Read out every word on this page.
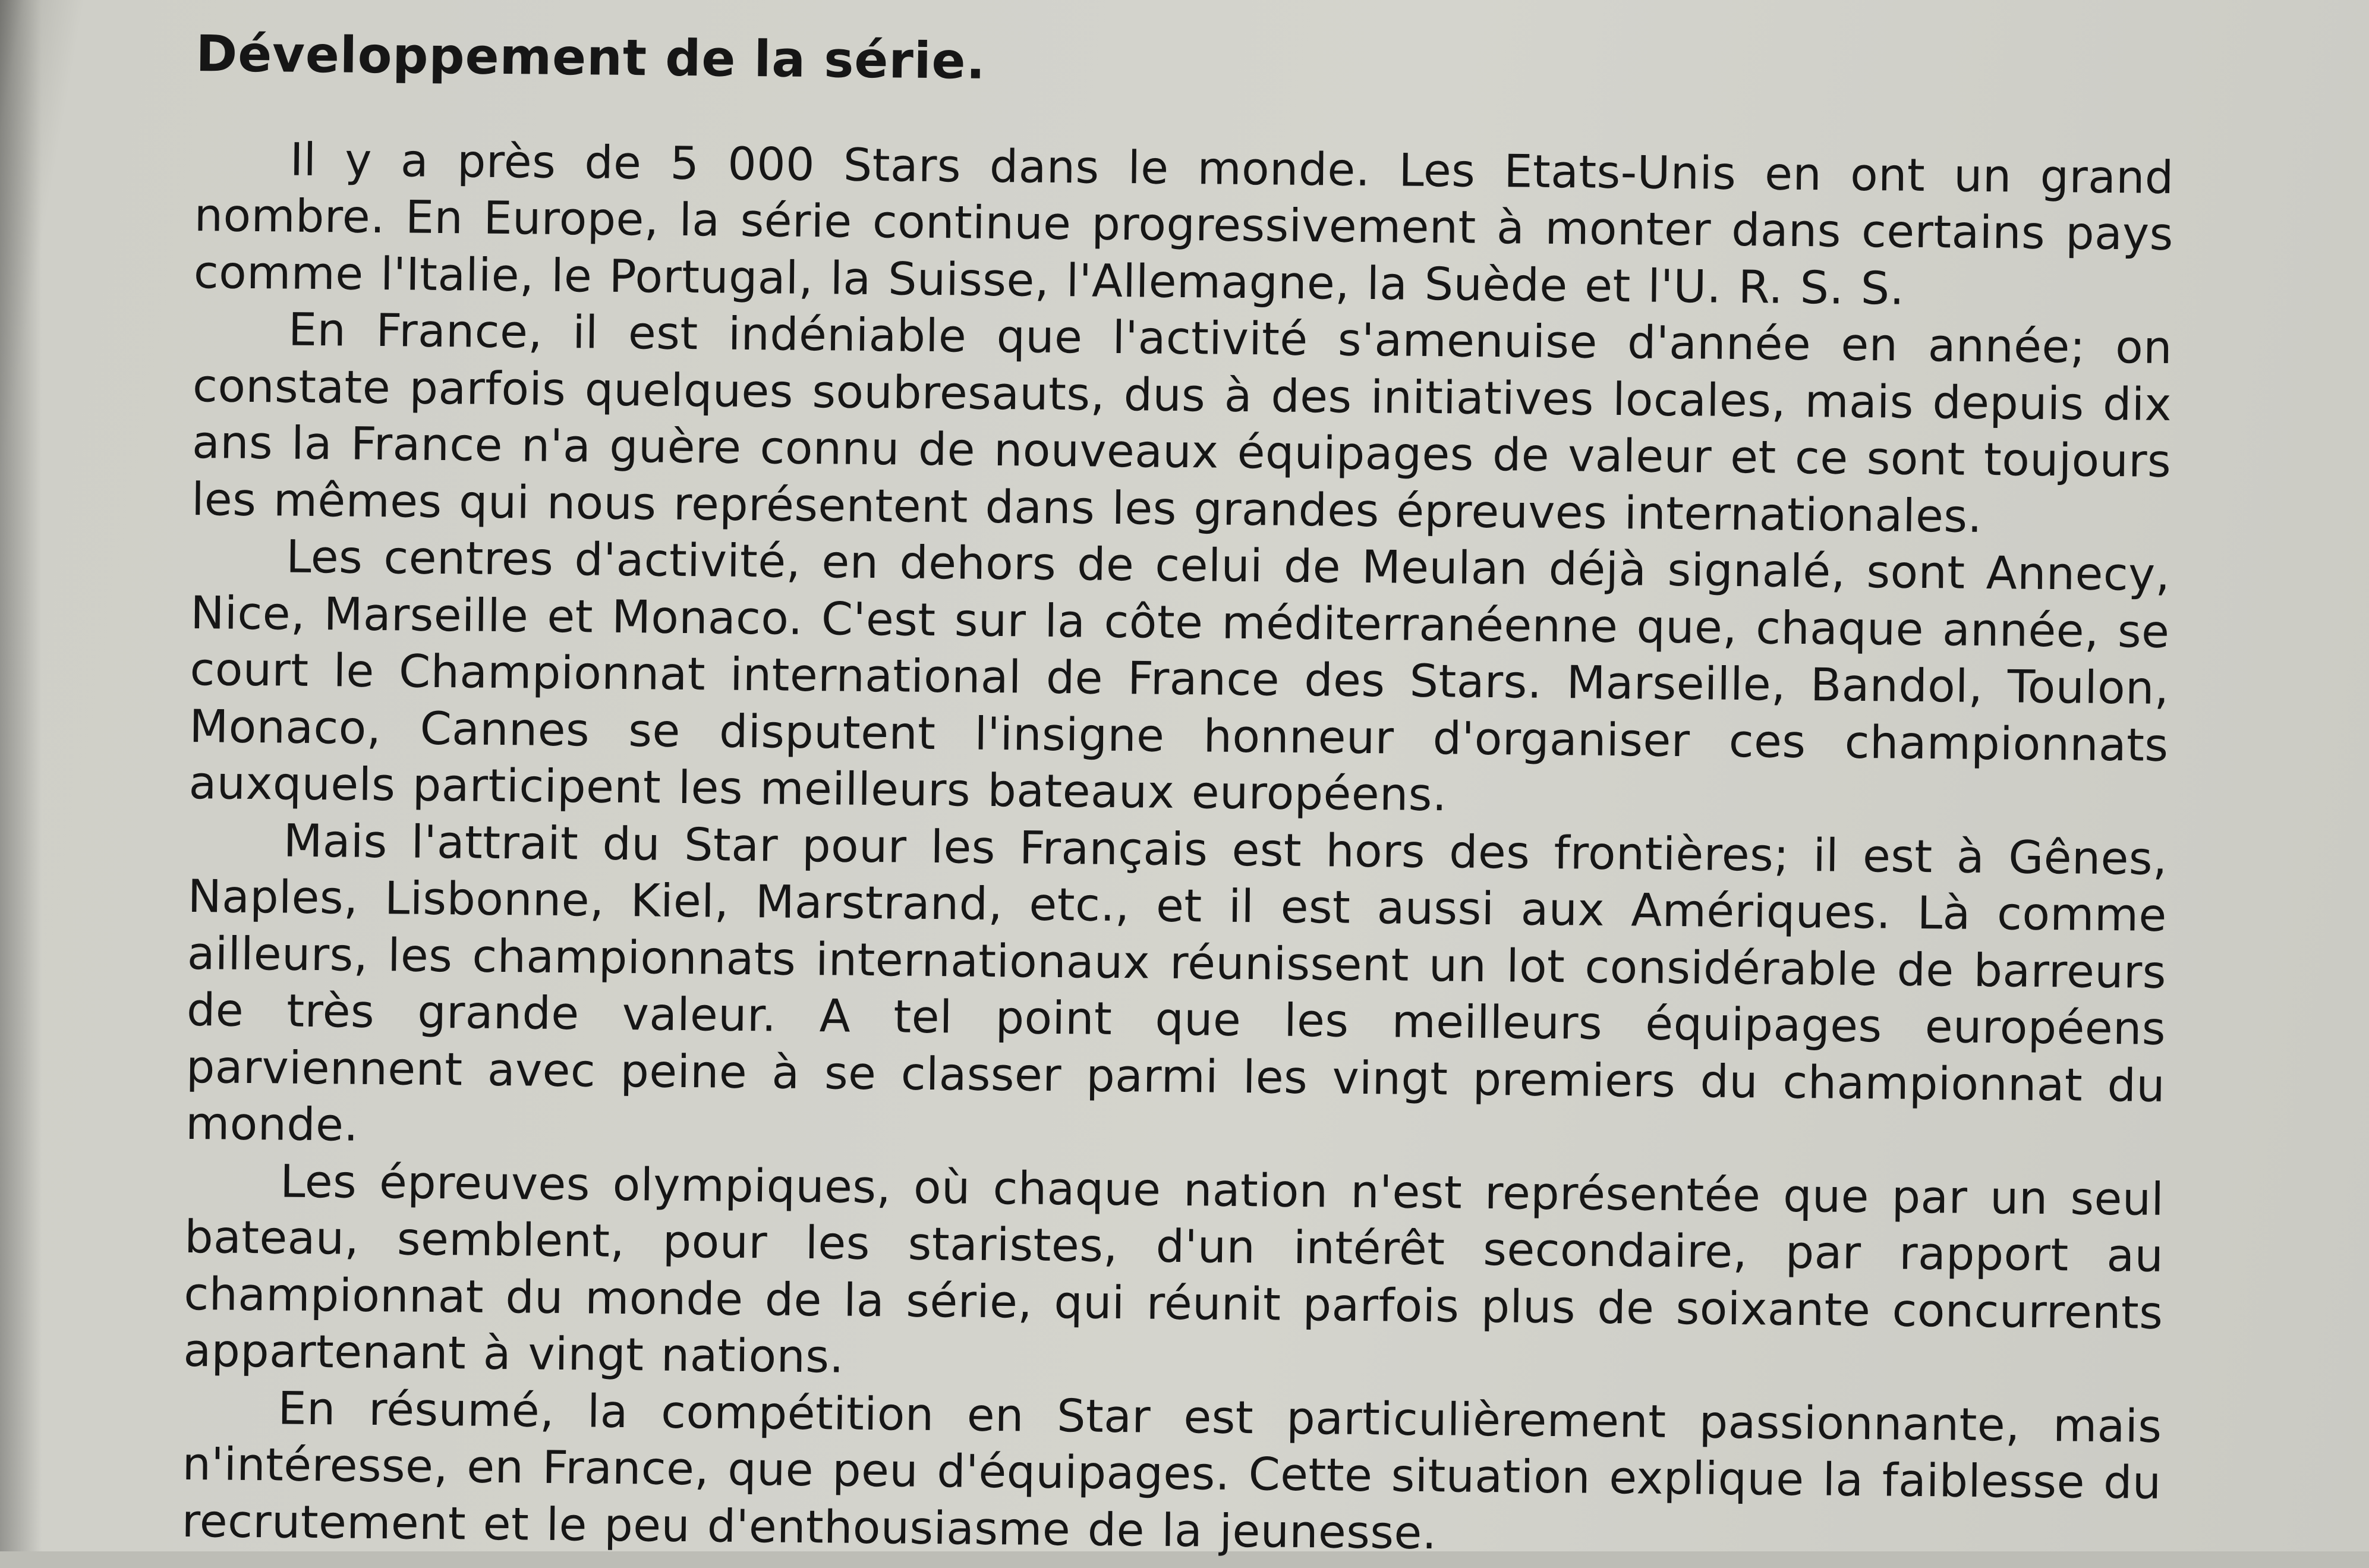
Développement de la série.

Il y a près de 5 000 Stars dans le monde. Les Etats-Unis en ont un grand nombre. En Europe, la série continue progressivement à monter dans certains pays comme l'Italie, le Portugal, la Suisse, l'Allemagne, la Suède et l'U. R. S. S.

En France, il est indéniable que l'activité s'amenuise d'année en année; on constate parfois quelques soubresauts, dus à des initiatives locales, mais depuis dix ans la France n'a guère connu de nouveaux équipages de valeur et ce sont toujours les mêmes qui nous représentent dans les grandes épreuves internationales.

Les centres d'activité, en dehors de celui de Meulan déjà signalé, sont Annecy, Nice, Marseille et Monaco. C'est sur la côte méditerranéenne que, chaque année, se court le Championnat international de France des Stars. Marseille, Bandol, Toulon, Monaco, Cannes se disputent l'insigne honneur d'organiser ces championnats auxquels participent les meilleurs bateaux européens.

Mais l'attrait du Star pour les Français est hors des frontières; il est à Gênes, Naples, Lisbonne, Kiel, Marstrand, etc., et il est aussi aux Amériques. Là comme ailleurs, les championnats internationaux réunissent un lot considérable de barreurs de très grande valeur. A tel point que les meilleurs équipages européens parviennent avec peine à se classer parmi les vingt premiers du championnat du monde.

Les épreuves olympiques, où chaque nation n'est représentée que par un seul bateau, semblent, pour les staristes, d'un intérêt secondaire, par rapport au championnat du monde de la série, qui réunit parfois plus de soixante concurrents appartenant à vingt nations.

En résumé, la compétition en Star est particulièrement passionnante, mais n'intéresse, en France, que peu d'équipages. Cette situation explique la faiblesse du recrutement et le peu d'enthousiasme de la jeunesse.
